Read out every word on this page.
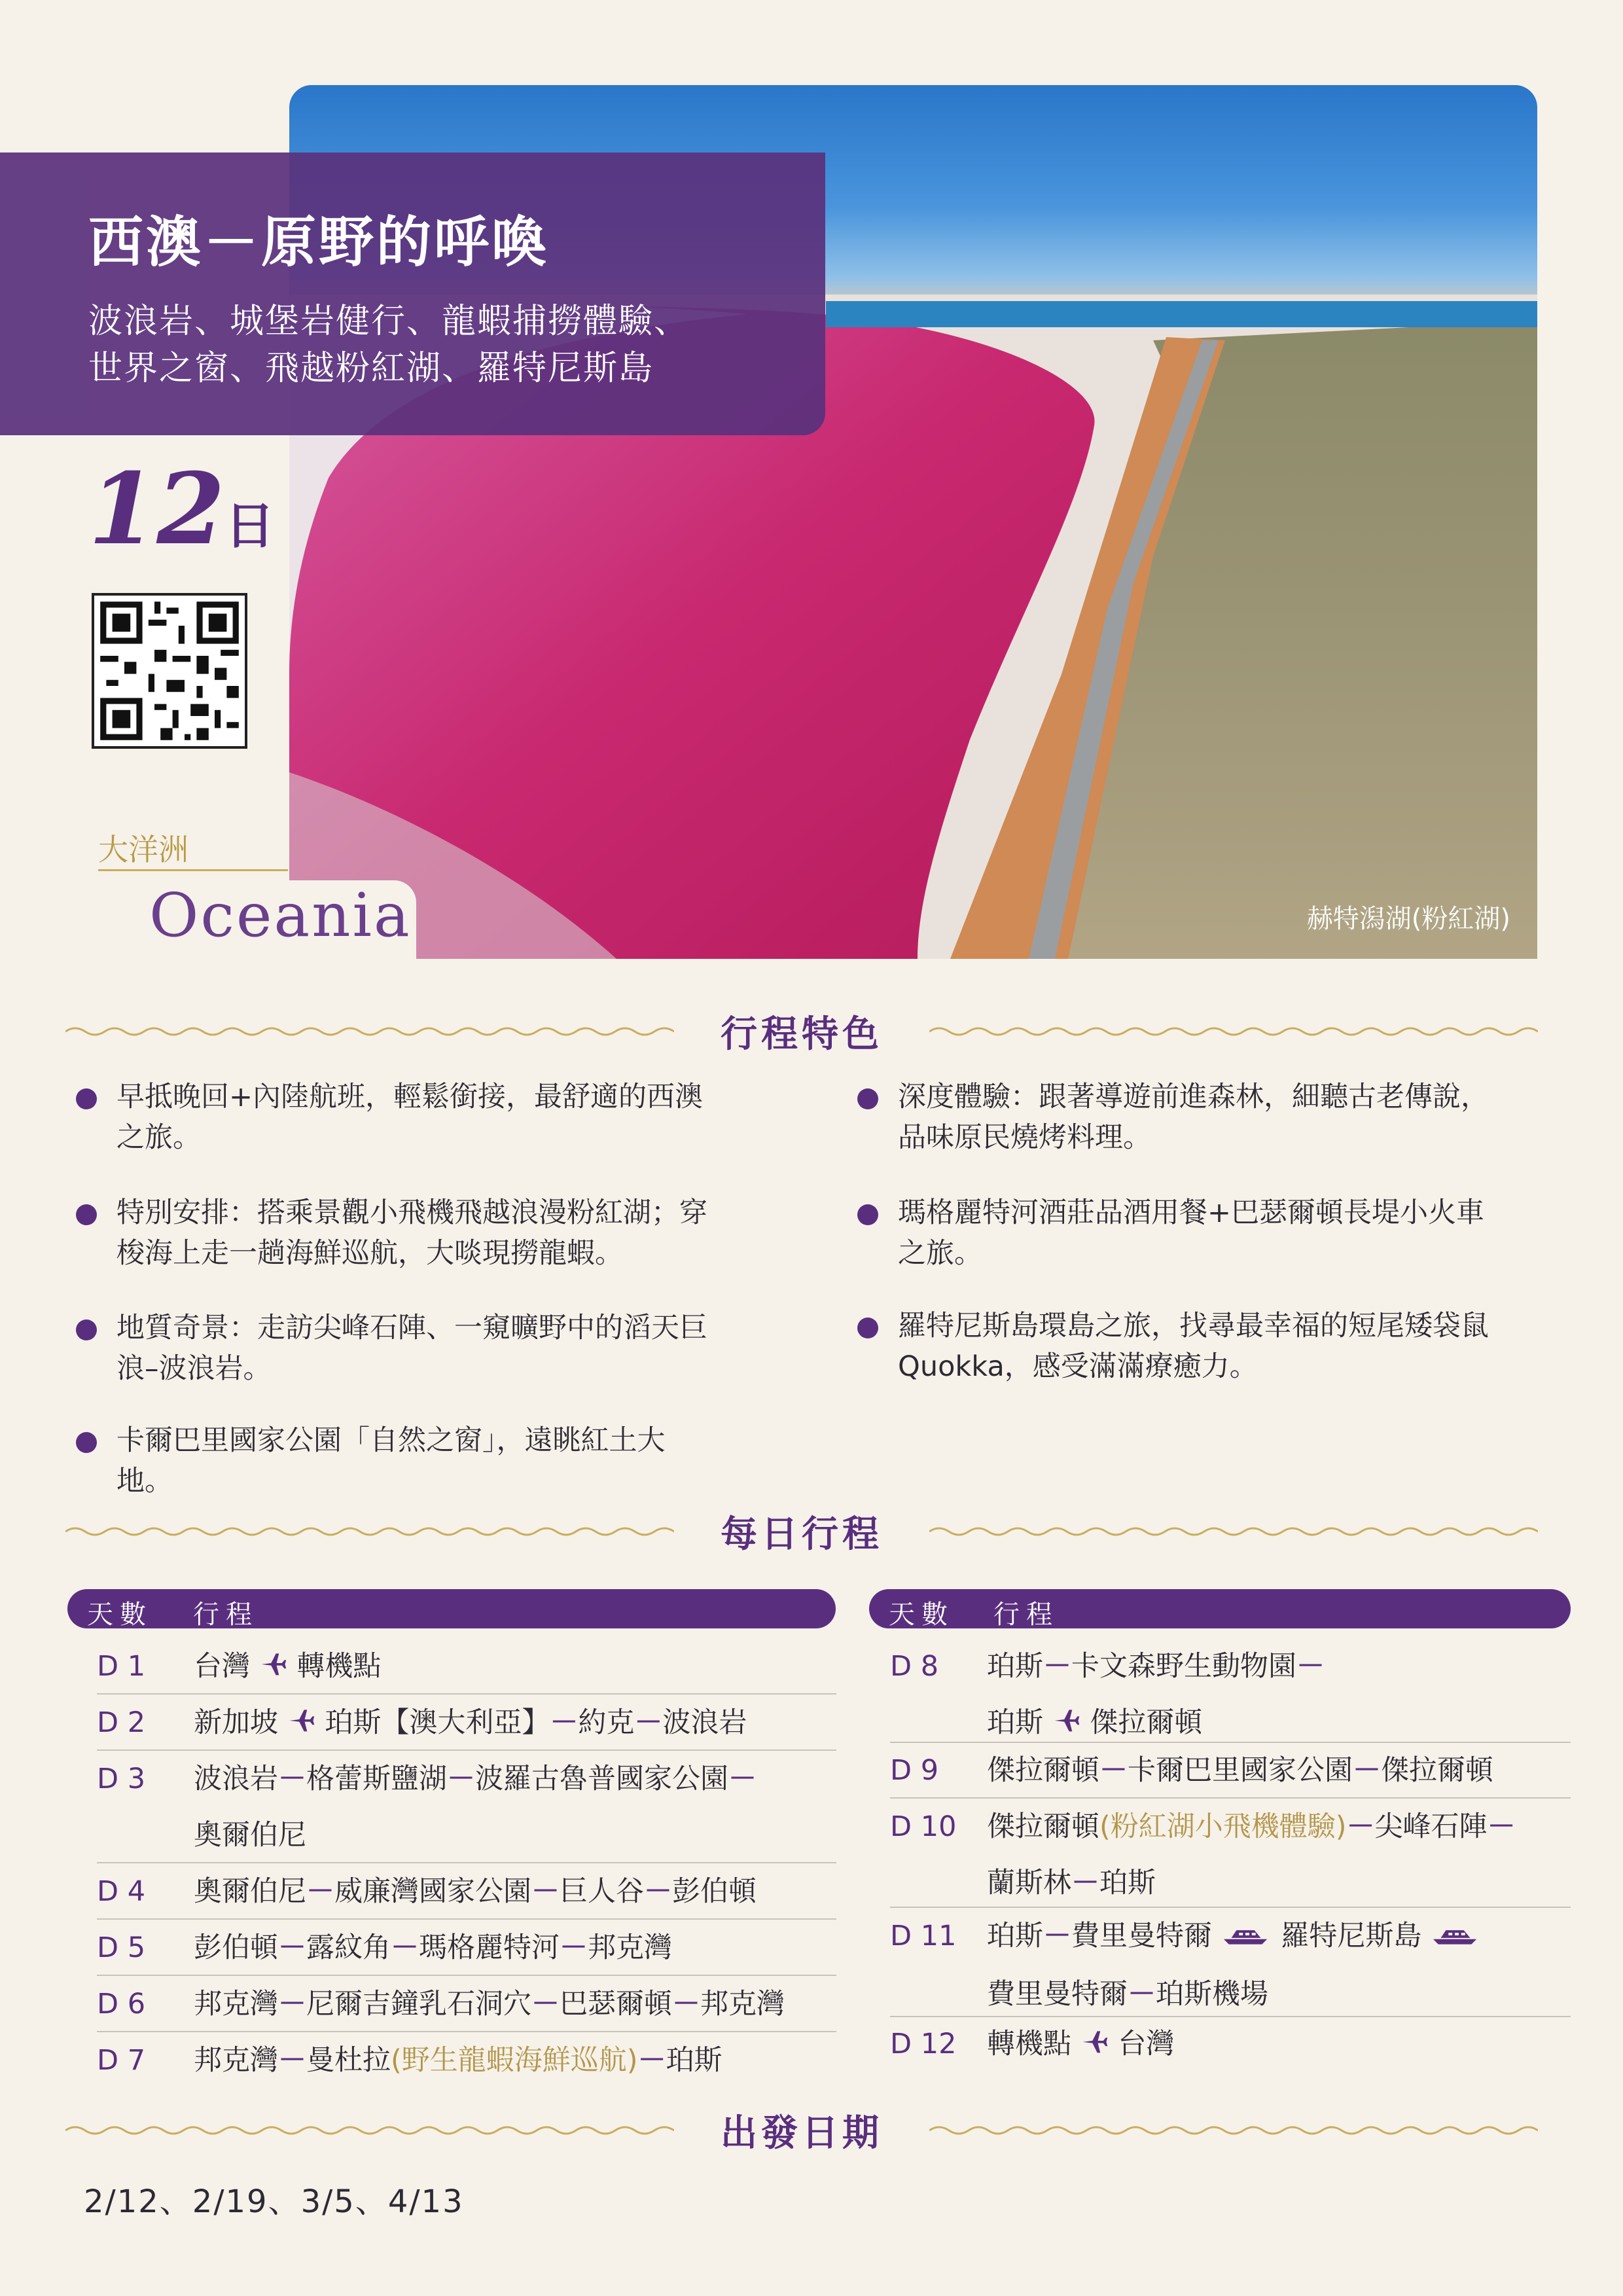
西澳－原野的呼喚
波浪岩、城堡岩健行、龍蝦捕撈體驗、
世界之窗、飛越粉紅湖、羅特尼斯島
12日
大洋洲
Oceania	赫特潟湖(粉紅湖)
行程特色
早抵晚回+內陸航班，輕鬆銜接，最舒適的西澳
之旅。
特別安排：搭乘景觀小飛機飛越浪漫粉紅湖；穿
梭海上走一趟海鮮巡航，大啖現撈龍蝦。
地質奇景：走訪尖峰石陣、一窺曠野中的滔天巨
浪–波浪岩。
卡爾巴里國家公園「自然之窗」，遠眺紅土大
地。
深度體驗：跟著導遊前進森林，細聽古老傳說，
品味原民燒烤料理。
瑪格麗特河酒莊品酒用餐+巴瑟爾頓長堤小火車
之旅。
羅特尼斯島環島之旅，找尋最幸福的短尾矮袋鼠
Quokka，感受滿滿療癒力。
每日行程
天數 行程
D 1 台灣 轉機點
D 2 新加坡 珀斯【澳大利亞】－約克－波浪岩
D 3 波浪岩－格蕾斯鹽湖－波羅古魯普國家公園－
奧爾伯尼
D 4 奧爾伯尼－威廉灣國家公園－巨人谷－彭伯頓
D 5 彭伯頓－露紋角－瑪格麗特河－邦克灣
D 6 邦克灣－尼爾吉鐘乳石洞穴－巴瑟爾頓－邦克灣
D 7 邦克灣－曼杜拉(野生龍蝦海鮮巡航)－珀斯
天數 行程
D 8 珀斯－卡文森野生動物園－
珀斯 傑拉爾頓
D 9 傑拉爾頓－卡爾巴里國家公園－傑拉爾頓
D 10 傑拉爾頓(粉紅湖小飛機體驗)－尖峰石陣－
蘭斯林－珀斯
D 11 珀斯－費里曼特爾 羅特尼斯島
費里曼特爾－珀斯機場
D 12 轉機點 台灣
出發日期
2/12、2/19、3/5、4/13
